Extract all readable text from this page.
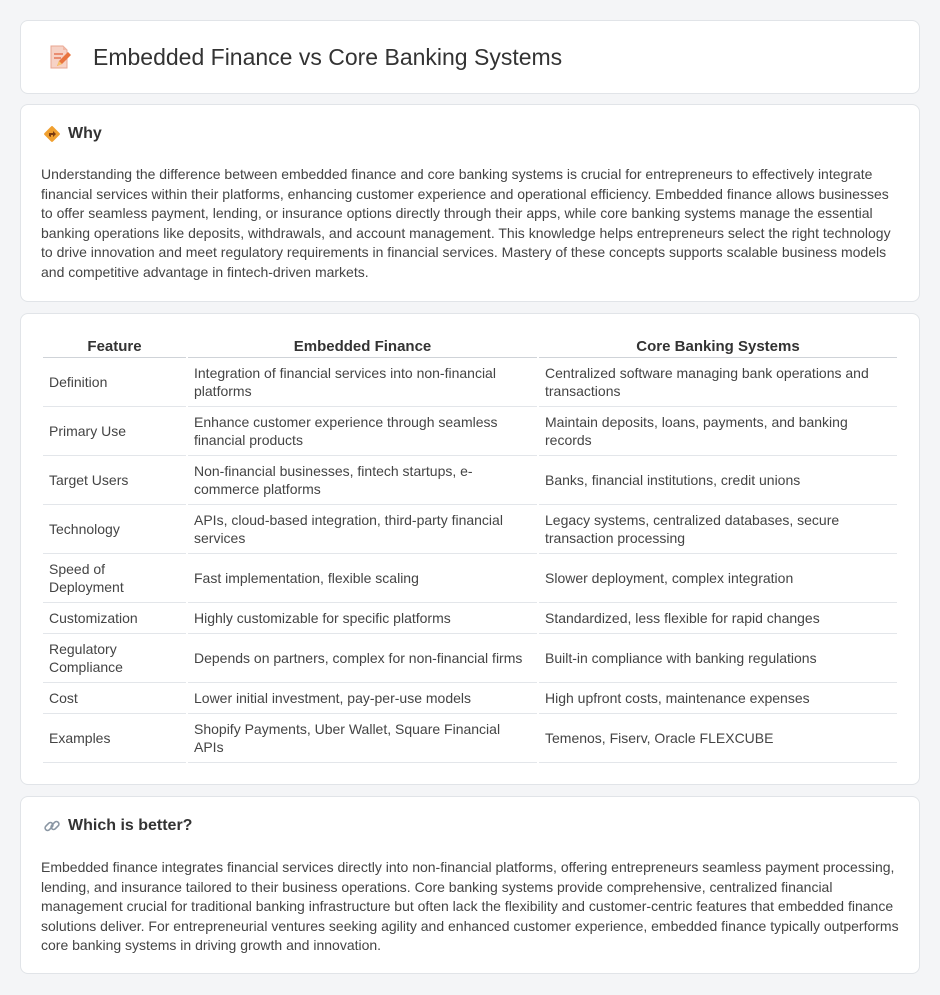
Embedded Finance vs Core Banking Systems
Why

Understanding the difference between embedded finance and core banking systems is crucial for entrepreneurs to effectively integrate financial services within their platforms, enhancing customer experience and operational efficiency. Embedded finance allows businesses to offer seamless payment, lending, or insurance options directly through their apps, while core banking systems manage the essential banking operations like deposits, withdrawals, and account management. This knowledge helps entrepreneurs select the right technology to drive innovation and meet regulatory requirements in financial services. Mastery of these concepts supports scalable business models and competitive advantage in fintech-driven markets.

Feature	Embedded Finance	Core Banking Systems
Definition	Integration of financial services into non-financial platforms	Centralized software managing bank operations and transactions
Primary Use	Enhance customer experience through seamless financial products	Maintain deposits, loans, payments, and banking records
Target Users	Non-financial businesses, fintech startups, e-commerce platforms	Banks, financial institutions, credit unions
Technology	APIs, cloud-based integration, third-party financial services	Legacy systems, centralized databases, secure transaction processing
Speed of Deployment	Fast implementation, flexible scaling	Slower deployment, complex integration
Customization	Highly customizable for specific platforms	Standardized, less flexible for rapid changes
Regulatory Compliance	Depends on partners, complex for non-financial firms	Built-in compliance with banking regulations
Cost	Lower initial investment, pay-per-use models	High upfront costs, maintenance expenses
Examples	Shopify Payments, Uber Wallet, Square Financial APIs	Temenos, Fiserv, Oracle FLEXCUBE
Which is better?

Embedded finance integrates financial services directly into non-financial platforms, offering entrepreneurs seamless payment processing, lending, and insurance tailored to their business operations. Core banking systems provide comprehensive, centralized financial management crucial for traditional banking infrastructure but often lack the flexibility and customer-centric features that embedded finance solutions deliver. For entrepreneurial ventures seeking agility and enhanced customer experience, embedded finance typically outperforms core banking systems in driving growth and innovation.
